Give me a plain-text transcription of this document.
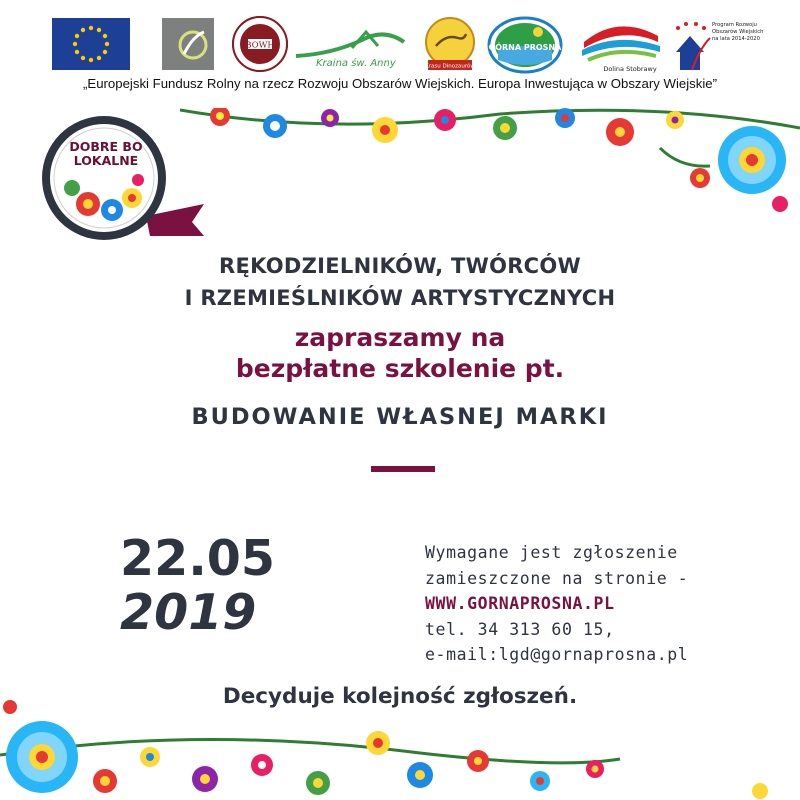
BOWH
Kraina św. Anny	Krasu Dinozaurów
GÓRNA PROSNA
Dolina Stobrawy
Program Rozwoju Obszarów Wiejskich na lata 2014-2020
„Europejski Fundusz Rolny na rzecz Rozwoju Obszarów Wiejskich. Europa Inwestująca w Obszary Wiejskie”
DOBRE BO LOKALNE
RĘKODZIELNIKÓW, TWÓRCÓW
I RZEMIEŚLNIKÓW ARTYSTYCZNYCH
zapraszamy na
bezpłatne szkolenie pt.
BUDOWANIE WŁASNEJ MARKI
22.05
2019
Wymagane jest zgłoszenie
zamieszczone na stronie -
WWW.GORNAPROSNA.PL
tel. 34 313 60 15,
e-mail:lgd@gornaprosna.pl
Decyduje kolejność zgłoszeń.
